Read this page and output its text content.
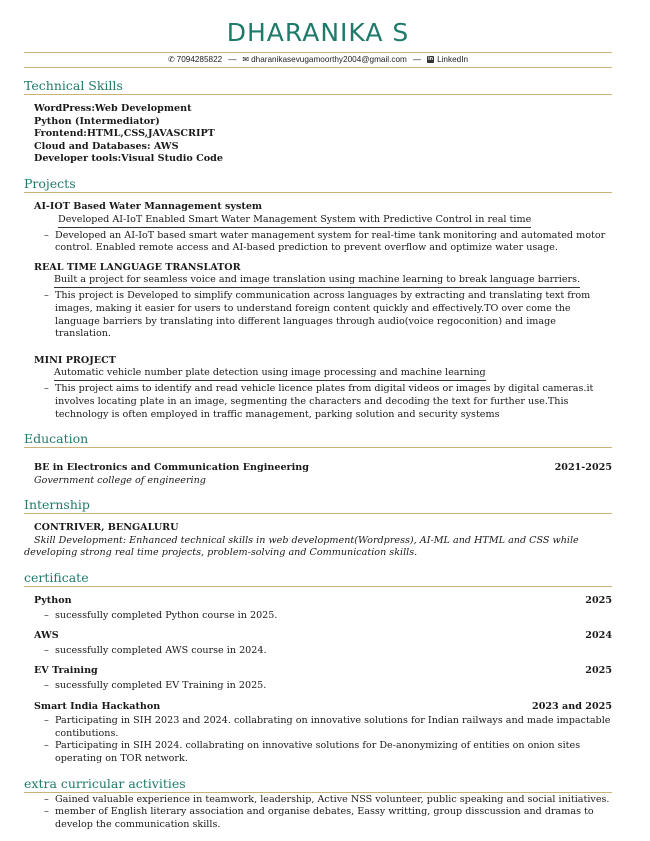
DHARANIKA S
✆ 7094285822 — ✉ dharanikasevugamoorthy2004@gmail.com — in LinkedIn
Technical Skills
WordPress:Web Development
Python (Intermediator)
Frontend:HTML,CSS,JAVASCRIPT
Cloud and Databases: AWS
Developer tools:Visual Studio Code
Projects
AI-IOT Based Water Mannagement system
Developed AI-IoT Enabled Smart Water Management System with Predictive Control in real time
– Developed an AI-IoT based smart water management system for real-time tank monitoring and automated motor control. Enabled remote access and AI-based prediction to prevent overflow and optimize water usage.
REAL TIME LANGUAGE TRANSLATOR
Built a project for seamless voice and image translation using machine learning to break language barriers.
– This project is Developed to simplify communication across languages by extracting and translating text from images, making it easier for users to understand foreign content quickly and effectively.TO over come the language barriers by translating into different languages through audio(voice regoconition) and image translation.
MINI PROJECT
Automatic vehicle number plate detection using image processing and machine learning
– This project aims to identify and read vehicle licence plates from digital videos or images by digital cameras.it involves locating plate in an image, segmenting the characters and decoding the text for further use.This technology is often employed in traffic management, parking solution and security systems
Education
BE in Electronics and Communication Engineering	2021-2025
Government college of engineering
Internship
CONTRIVER, BENGALURU
Skill Development: Enhanced technical skills in web development(Wordpress), AI-ML and HTML and CSS while developing strong real time projects, problem-solving and Communication skills.
certificate
Python	2025
– sucessfully completed Python course in 2025.
AWS	2024
– sucessfully completed AWS course in 2024.
EV Training	2025
– sucessfully completed EV Training in 2025.
Smart India Hackathon	2023 and 2025
– Participating in SIH 2023 and 2024. collabrating on innovative solutions for Indian railways and made impactable contibutions.
– Participating in SIH 2024. collabrating on innovative solutions for De-anonymizing of entities on onion sites operating on TOR network.
extra curricular activities
– Gained valuable experience in teamwork, leadership, Active NSS volunteer, public speaking and social initiatives.
– member of English literary association and organise debates, Eassy writting, group disscussion and dramas to develop the communication skills.
